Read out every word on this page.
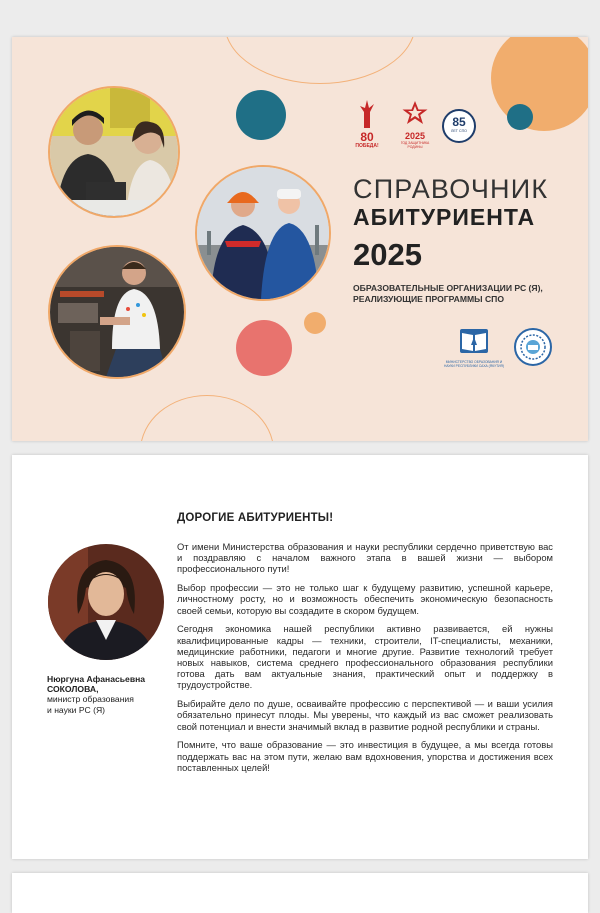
80
ПОБЕДА!
2025
ГОД ЗАЩИТНИКА РОДИНЫ
85
ЛЕТ СПО
СПРАВОЧНИК
АБИТУРИЕНТА
2025
ОБРАЗОВАТЕЛЬНЫЕ ОРГАНИЗАЦИИ РС (Я), РЕАЛИЗУЮЩИЕ ПРОГРАММЫ СПО
МИНИСТЕРСТВО ОБРАЗОВАНИЯ И НАУКИ РЕСПУБЛИКИ САХА (ЯКУТИЯ)
Нюргуна Афанасьевна
СОКОЛОВА,
министр образования
и науки РС (Я)
ДОРОГИЕ АБИТУРИЕНТЫ!

От имени Министерства образования и науки республики сердечно приветствую вас и поздравляю с началом важного этапа в вашей жизни — выбором профессионального пути!

Выбор профессии — это не только шаг к будущему развитию, успешной карьере, личностному росту, но и возможность обеспечить экономическую безопасность своей семьи, которую вы создадите в скором будущем.

Сегодня экономика нашей республики активно развивается, ей нужны квалифицированные кадры — техники, строители, IT-специалисты, механики, медицинские работники, педагоги и многие другие. Развитие технологий требует новых навыков, система среднего профессионального образования республики готова дать вам актуальные знания, практический опыт и поддержку в трудоустройстве.

Выбирайте дело по душе, осваивайте профессию с перспективой — и ваши усилия обязательно принесут плоды. Мы уверены, что каждый из вас сможет реализовать свой потенциал и внести значимый вклад в развитие родной республики и страны.

Помните, что ваше образование — это инвестиция в будущее, а мы всегда готовы поддержать вас на этом пути, желаю вам вдохновения, упорства и достижения всех поставленных целей!
